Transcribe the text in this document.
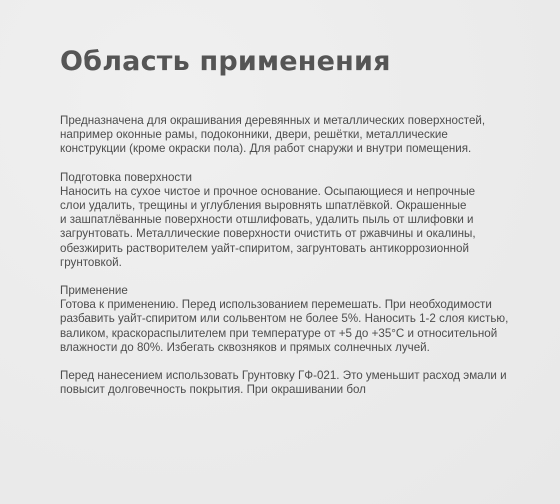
Область применения

Предназначена для окрашивания деревянных и металлических поверхностей,
например оконные рамы, подоконники, двери, решётки, металлические
конструкции (кроме окраски пола). Для работ снаружи и внутри помещения.

Подготовка поверхности
Наносить на сухое чистое и прочное основание. Осыпающиеся и непрочные
слои удалить, трещины и углубления выровнять шпатлёвкой. Окрашенные
и зашпатлёванные поверхности отшлифовать, удалить пыль от шлифовки и
загрунтовать. Металлические поверхности очистить от ржавчины и окалины,
обезжирить растворителем уайт-спиритом, загрунтовать антикоррозионной
грунтовкой.

Применение
Готова к применению. Перед использованием перемешать. При необходимости
разбавить уайт-спиритом или сольвентом не более 5%. Наносить 1-2 слоя кистью,
валиком, краскораспылителем при температуре от +5 до +35°C и относительной
влажности до 80%. Избегать сквозняков и прямых солнечных лучей.

Перед нанесением использовать Грунтовку ГФ-021. Это уменьшит расход эмали и
повысит долговечность покрытия. При окрашивании бол
